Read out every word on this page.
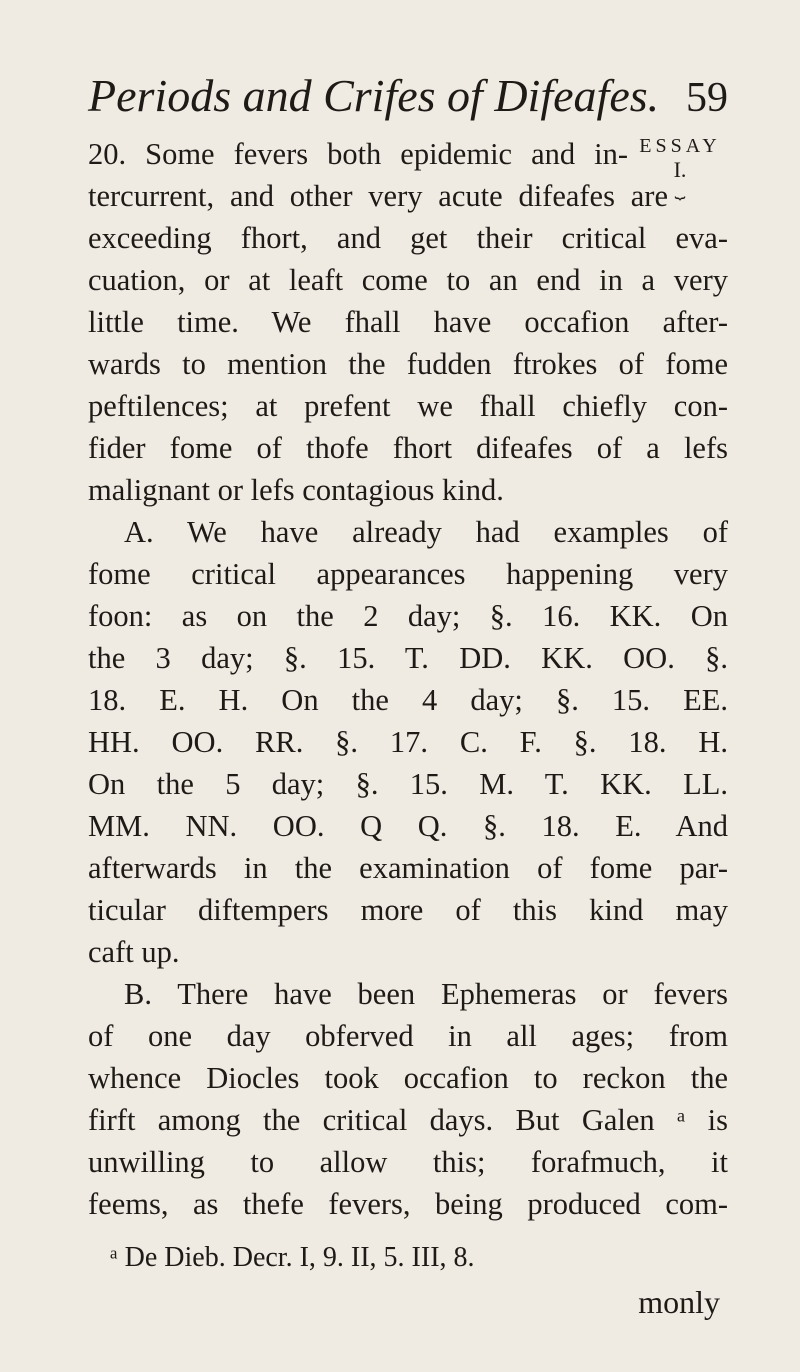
Periods and Crifes of Difeafes. 59
ESSAY
I.
⏟
20. Some fevers both epidemic and in-
tercurrent, and other very acute difeafes are
exceeding fhort, and get their critical eva-
cuation, or at leaft come to an end in a very
little time. We fhall have occafion after-
wards to mention the fudden ftrokes of fome
peftilences; at prefent we fhall chiefly con-
fider fome of thofe fhort difeafes of a lefs
malignant or lefs contagious kind.
A. We have already had examples of
fome critical appearances happening very
foon: as on the 2 day; §. 16. KK. On
the 3 day; §. 15. T. DD. KK. OO. §.
18. E. H. On the 4 day; §. 15. EE.
HH. OO. RR. §. 17. C. F. §. 18. H.
On the 5 day; §. 15. M. T. KK. LL.
MM. NN. OO. Q Q. §. 18. E. And
afterwards in the examination of fome par-
ticular diftempers more of this kind may
caft up.
B. There have been Ephemeras or fevers
of one day obferved in all ages; from
whence Diocles took occafion to reckon the
firft among the critical days. But Galen ᵃ is
unwilling to allow this; forafmuch, it
feems, as thefe fevers, being produced com-
ᵃ De Dieb. Decr. I, 9. II, 5. III, 8.
monly
